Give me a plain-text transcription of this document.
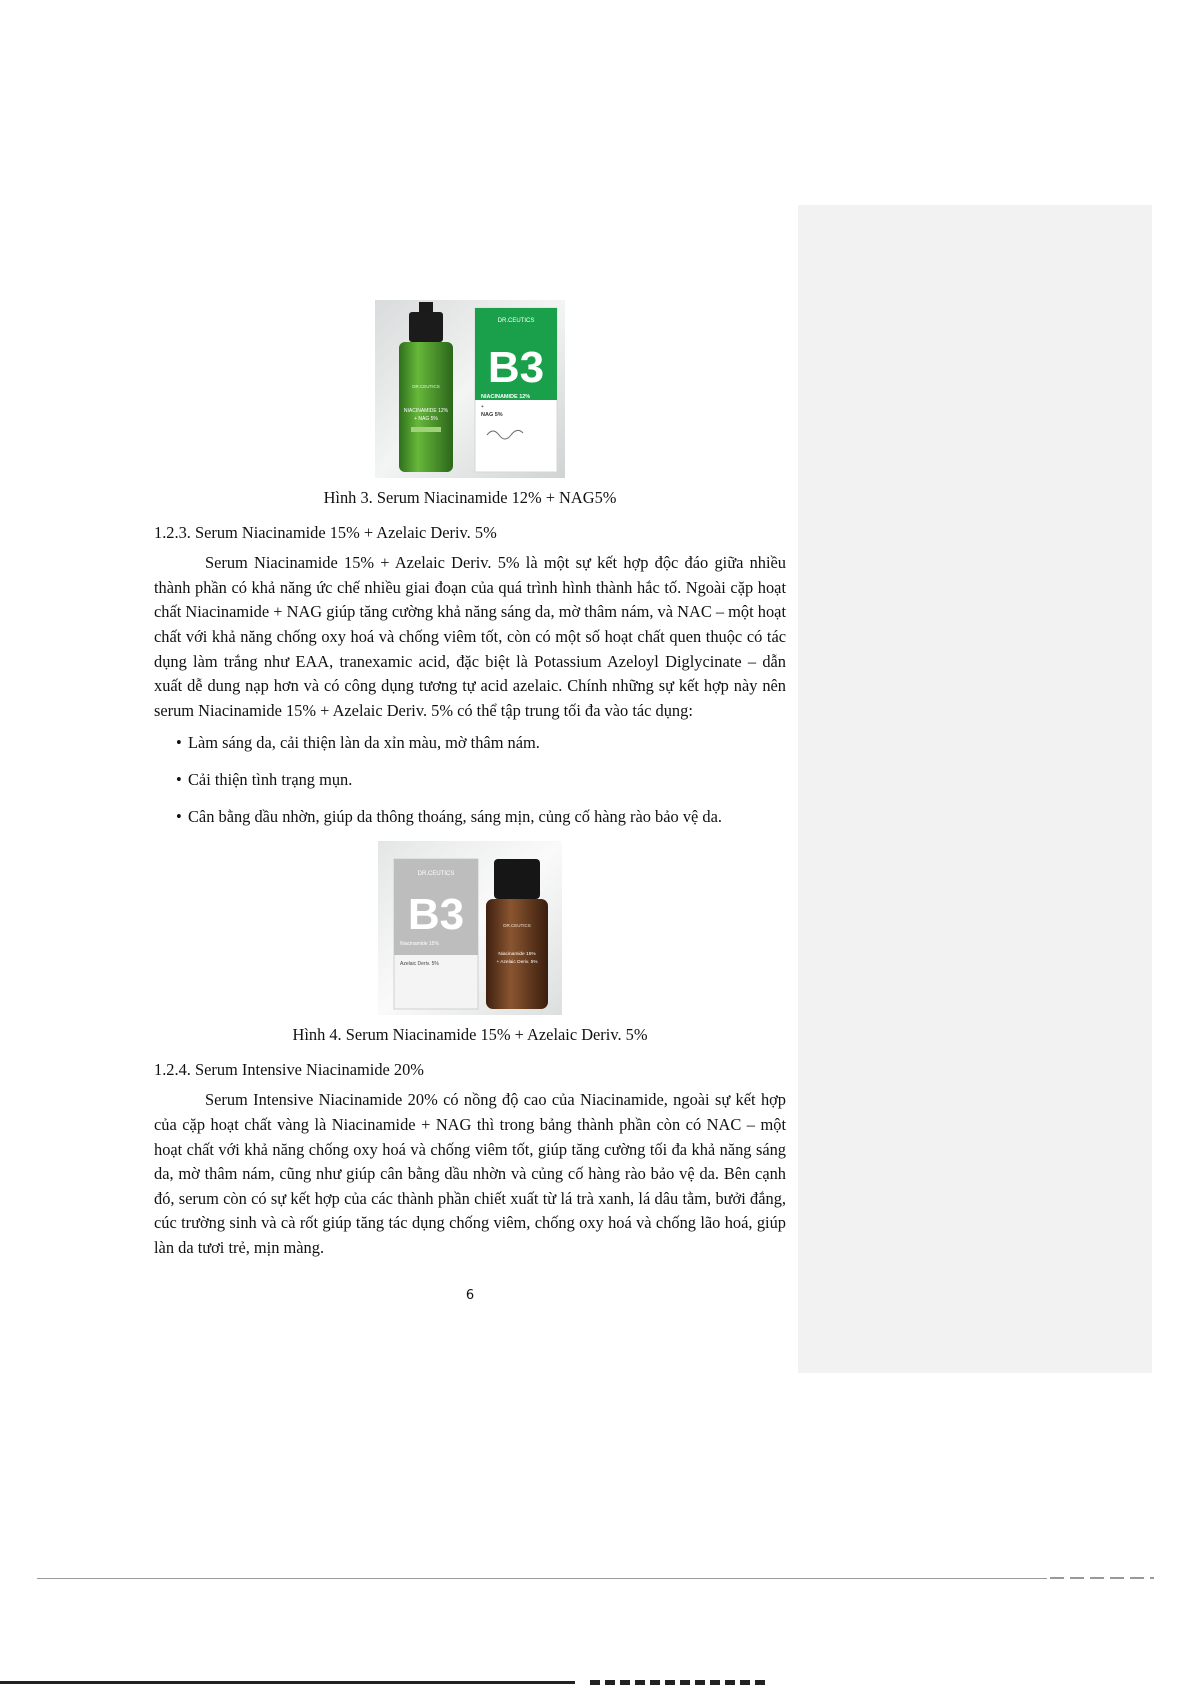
DR.CEUTICS
B3
NIACINAMIDE 12%
+
NAG 5%
DR.CEUTICS
NIACINAMIDE 12%
+ NAG 5%
Hình 3. Serum Niacinamide 12% + NAG5%
1.2.3. Serum Niacinamide 15% + Azelaic Deriv. 5%

Serum Niacinamide 15% + Azelaic Deriv. 5% là một sự kết hợp độc đáo giữa nhiều thành phần có khả năng ức chế nhiều giai đoạn của quá trình hình thành hắc tố. Ngoài cặp hoạt chất Niacinamide + NAG giúp tăng cường khả năng sáng da, mờ thâm nám, và NAC – một hoạt chất với khả năng chống oxy hoá và chống viêm tốt, còn có một số hoạt chất quen thuộc có tác dụng làm trắng như EAA, tranexamic acid, đặc biệt là Potassium Azeloyl Diglycinate – dẫn xuất dễ dung nạp hơn và có công dụng tương tự acid azelaic. Chính những sự kết hợp này nên serum Niacinamide 15% + Azelaic Deriv. 5% có thể tập trung tối đa vào tác dụng:

• Làm sáng da, cải thiện làn da xỉn màu, mờ thâm nám.
• Cải thiện tình trạng mụn.
• Cân bằng dầu nhờn, giúp da thông thoáng, sáng mịn, củng cố hàng rào bảo vệ da.
DR.CEUTICS
B3
Niacinamide 15%
Azelaic Deriv. 5%
DR.CEUTICS
Niacinamide 15%
+ Azelaic Deriv. 5%
Hình 4. Serum Niacinamide 15% + Azelaic Deriv. 5%
1.2.4. Serum Intensive Niacinamide 20%

Serum Intensive Niacinamide 20% có nồng độ cao của Niacinamide, ngoài sự kết hợp của cặp hoạt chất vàng là Niacinamide + NAG thì trong bảng thành phần còn có NAC – một hoạt chất với khả năng chống oxy hoá và chống viêm tốt, giúp tăng cường tối đa khả năng sáng da, mờ thâm nám, cũng như giúp cân bằng dầu nhờn và củng cố hàng rào bảo vệ da. Bên cạnh đó, serum còn có sự kết hợp của các thành phần chiết xuất từ lá trà xanh, lá dâu tằm, bưởi đắng, cúc trường sinh và cà rốt giúp tăng tác dụng chống viêm, chống oxy hoá và chống lão hoá, giúp làn da tươi trẻ, mịn màng.

6
